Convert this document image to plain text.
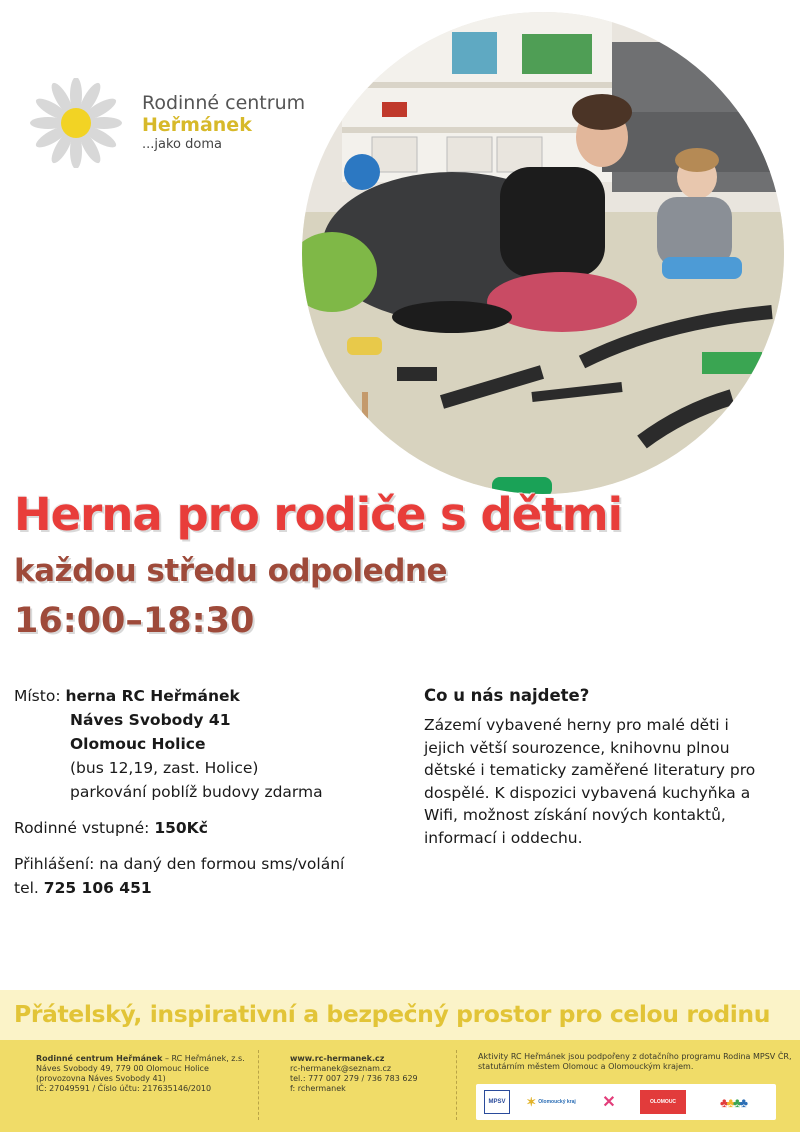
Rodinné centrum
Heřmánek
...jako doma
Herna pro rodiče s dětmi
každou středu odpoledne
16:00–18:30
Místo: herna RC Heřmánek
Náves Svobody 41
Olomouc Holice
(bus 12,19, zast. Holice)
parkování poblíž budovy zdarma
Rodinné vstupné: 150Kč
Přihlášení: na daný den formou sms/volání
tel. 725 106 451
Co u nás najdete?
Zázemí vybavené herny pro malé děti i jejich větší sourozence, knihovnu plnou dětské i tematicky zaměřené literatury pro dospělé. K dispozici vybavená kuchyňka a Wifi, možnost získání nových kontaktů, informací i oddechu.
Přátelský, inspirativní a bezpečný prostor pro celou rodinu
Rodinné centrum Heřmánek – RC Heřmánek, z.s.
Náves Svobody 49, 779 00 Olomouc Holice
(provozovna Náves Svobody 41)
IČ: 27049591 / Číslo účtu: 217635146/2010
www.rc-hermanek.cz
rc-hermanek@seznam.cz
tel.: 777 007 279 / 736 783 629
f: rchermanek
Aktivity RC Heřmánek jsou podpořeny z dotačního programu Rodina MPSV ČR,
statutárním městem Olomouc a Olomouckým krajem.
MPSV ✶ Olomoucký kraj ✕	OLOMOUC	♣ ♣ ♣ ♣
